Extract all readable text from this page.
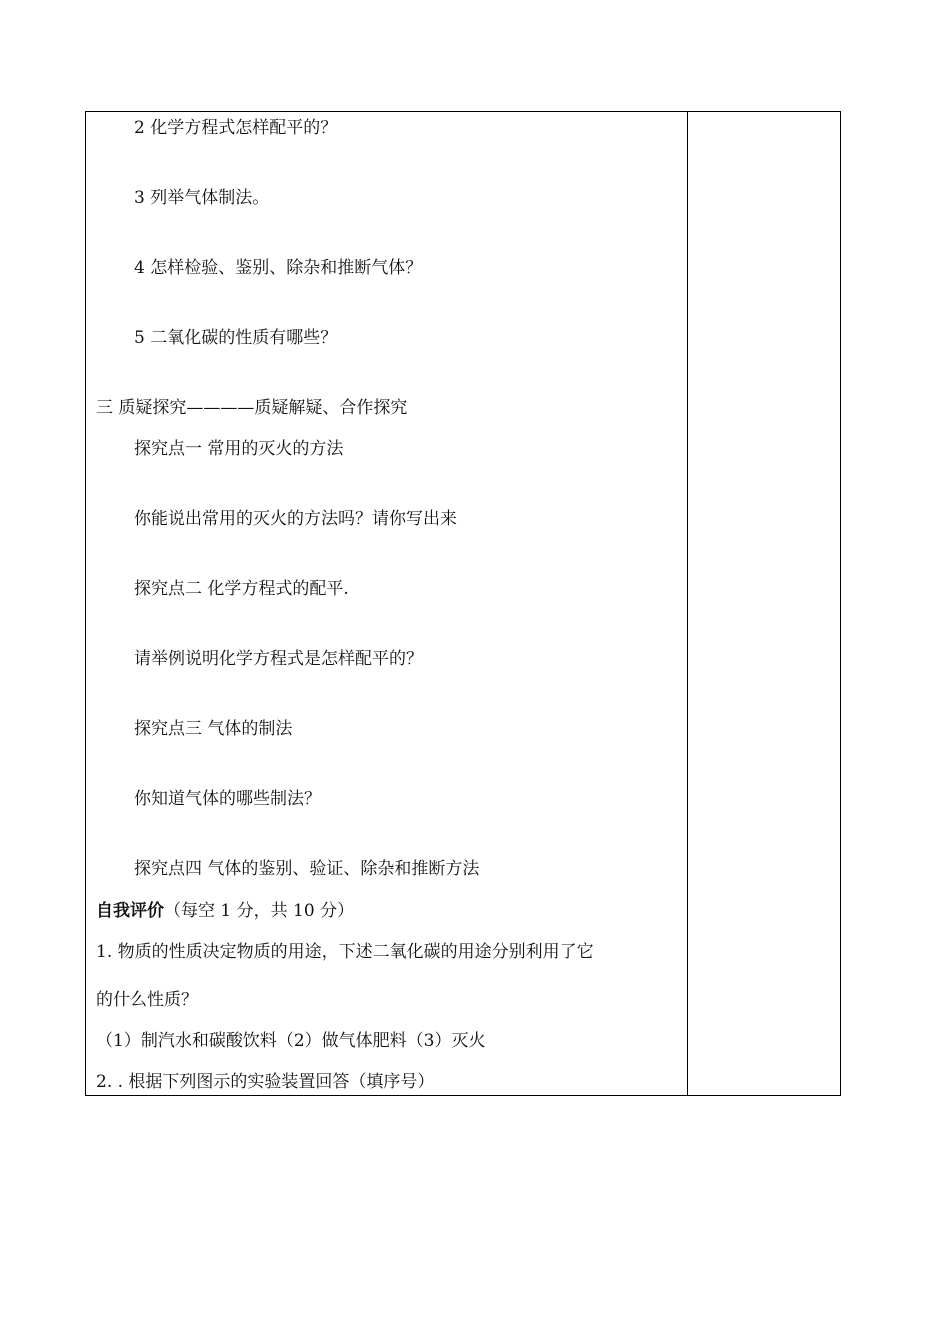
2 化学方程式怎样配平的？
3 列举气体制法。
4 怎样检验、鉴别、除杂和推断气体？
5 二氧化碳的性质有哪些？
三 质疑探究————质疑解疑、合作探究
探究点一 常用的灭火的方法
你能说出常用的灭火的方法吗？请你写出来
探究点二 化学方程式的配平.
请举例说明化学方程式是怎样配平的？
探究点三 气体的制法
你知道气体的哪些制法？
探究点四 气体的鉴别、验证、除杂和推断方法
自我评价（每空 1 分，共 10 分）
1. 物质的性质决定物质的用途，下述二氧化碳的用途分别利用了它
的什么性质？
（1）制汽水和碳酸饮料（2）做气体肥料（3）灭火
2. . 根据下列图示的实验装置回答（填序号）
